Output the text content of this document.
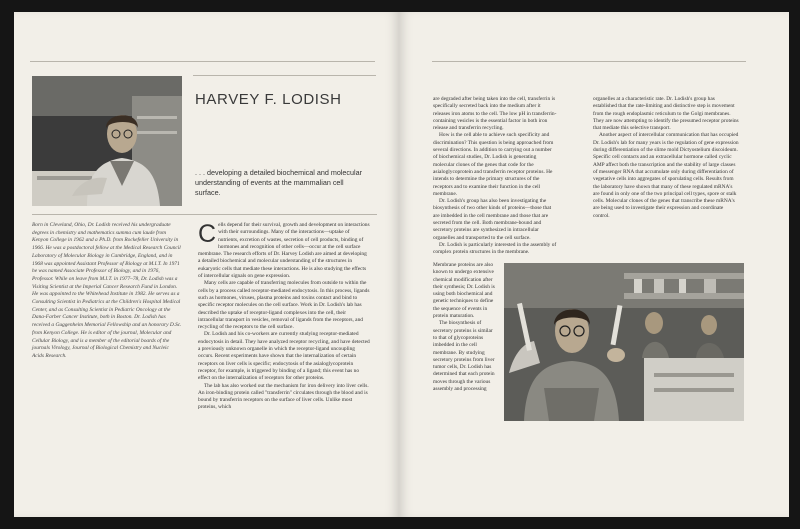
HARVEY F. LODISH

. . . developing a detailed biochemical and molecular understanding of events at the mammalian cell surface.

Born in Cleveland, Ohio, Dr. Lodish received his undergraduate degrees in chemistry and mathematics summa cum laude from Kenyon College in 1962 and a Ph.D. from Rockefeller University in 1966. He was a postdoctoral fellow at the Medical Research Council Laboratory of Molecular Biology in Cambridge, England, and in 1968 was appointed Assistant Professor of Biology at M.I.T. In 1971 he was named Associate Professor of Biology, and in 1976, Professor. While on leave from M.I.T. in 1977–78, Dr. Lodish was a Visiting Scientist at the Imperial Cancer Research Fund in London. He was appointed to the Whitehead Institute in 1982. He serves as a Consulting Scientist in Pediatrics at the Children's Hospital Medical Center, and as Consulting Scientist in Pediatric Oncology at the Dana-Farber Cancer Institute, both in Boston. Dr. Lodish has received a Guggenheim Memorial Fellowship and an honorary D.Sc. from Kenyon College. He is editor of the journal, Molecular and Cellular Biology, and is a member of the editorial boards of the journals Virology, Journal of Biological Chemistry and Nucleic Acids Research.

Cells depend for their survival, growth and development on interactions with their surroundings. Many of the interactions—uptake of nutrients, excretion of wastes, secretion of cell products, binding of hormones and recognition of other cells—occur at the cell surface membrane. The research efforts of Dr. Harvey Lodish are aimed at developing a detailed biochemical and molecular understanding of the structures in eukaryotic cells that mediate these interactions. He is also studying the effects of intercellular signals on gene expression.

Many cells are capable of transferring molecules from outside to within the cells by a process called receptor-mediated endocytosis. In this process, ligands such as hormones, viruses, plasma proteins and toxins contact and bind to specific receptor molecules on the cell surface. Work in Dr. Lodish's lab has described the uptake of receptor-ligand complexes into the cell, their intracellular transport in vesicles, removal of ligands from the receptors, and recycling of the receptors to the cell surface.

Dr. Lodish and his co-workers are currently studying receptor-mediated endocytosis in detail. They have analyzed receptor recycling, and have detected a previously unknown organelle in which the receptor-ligand uncoupling occurs. Recent experiments have shown that the internalization of certain receptors on liver cells is specific; endocytosis of the asialoglycoprotein receptor, for example, is triggered by binding of a ligand; this event has no effect on the internalization of receptors for other proteins.

The lab has also worked out the mechanism for iron delivery into liver cells. An iron-binding protein called "transferrin" circulates through the blood and is bound by transferrin receptors on the surface of liver cells. Unlike most proteins, which

are degraded after being taken into the cell, transferrin is specifically secreted back into the medium after it releases iron atoms to the cell. The low pH in transferrin-containing vesicles is the essential factor in both iron release and transferrin recycling.

How is the cell able to achieve such specificity and discrimination? This question is being approached from several directions. In addition to carrying out a number of biochemical studies, Dr. Lodish is generating molecular clones of the genes that code for the asialoglycoprotein and transferrin receptor proteins. He intends to determine the primary structures of the receptors and to examine their function in the cell membrane.

Dr. Lodish's group has also been investigating the biosynthesis of two other kinds of proteins—those that are imbedded in the cell membrane and those that are secreted from the cell. Both membrane-bound and secretory proteins are synthesized in intracellular organelles and transported to the cell surface.

Dr. Lodish is particularly interested in the assembly of complex protein structures in the membrane.

Membrane proteins are also known to undergo extensive chemical modification after their synthesis; Dr. Lodish is using both biochemical and genetic techniques to define the sequence of events in protein maturation.

The biosynthesis of secretory proteins is similar to that of glycoproteins imbedded in the cell membrane. By studying secretory proteins from liver tumor cells, Dr. Lodish has determined that each protein moves through the various assembly and processing

organelles at a characteristic rate. Dr. Lodish's group has established that the rate-limiting and distinctive step is movement from the rough endoplasmic reticulum to the Golgi membranes. They are now attempting to identify the presumed receptor proteins that mediate this selective transport.

Another aspect of intercellular communication that has occupied Dr. Lodish's lab for many years is the regulation of gene expression during differentiation of the slime mold Dictyostelium discoideum. Specific cell contacts and an extracellular hormone called cyclic AMP affect both the transcription and the stability of large classes of messenger RNA that accumulate only during differentiation of vegetative cells into aggregates of sporulating cells. Results from the laboratory have shown that many of these regulated mRNA's are found in only one of the two principal cell types, spore or stalk cells. Molecular clones of the genes that transcribe these mRNA's are being used to investigate their expression and coordinate control.
